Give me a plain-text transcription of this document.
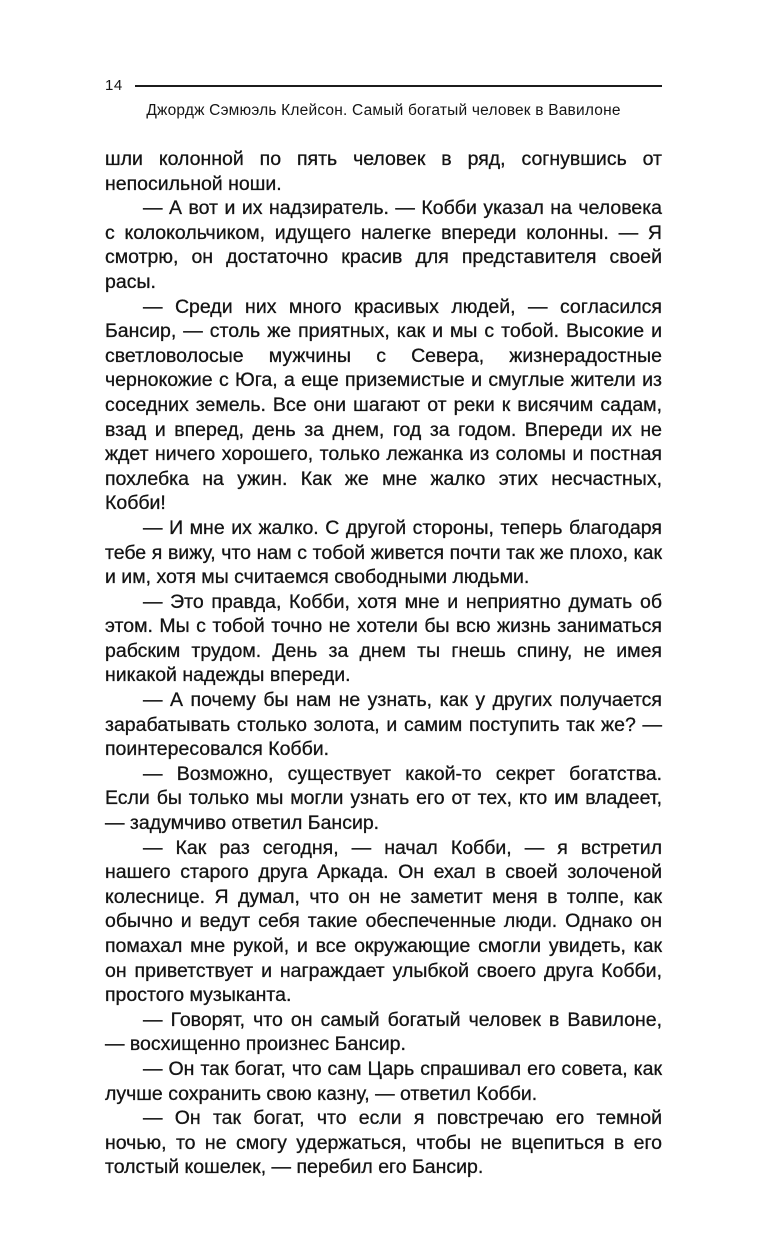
14
Джордж Сэмюэль Клейсон. Самый богатый человек в Вавилоне

шли колонной по пять человек в ряд, согнувшись от непосильной ноши.

— А вот и их надзиратель. — Кобби указал на человека с колокольчиком, идущего налегке впереди колонны. — Я смотрю, он достаточно красив для представителя своей расы.

— Среди них много красивых людей, — согласился Бансир, — столь же приятных, как и мы с тобой. Высокие и светловолосые мужчины с Севера, жизнерадостные чернокожие с Юга, а еще приземистые и смуглые жители из соседних земель. Все они шагают от реки к висячим садам, взад и вперед, день за днем, год за годом. Впереди их не ждет ничего хорошего, только лежанка из соломы и постная похлебка на ужин. Как же мне жалко этих несчастных, Кобби!

— И мне их жалко. С другой стороны, теперь благодаря тебе я вижу, что нам с тобой живется почти так же плохо, как и им, хотя мы считаемся свободными людьми.

— Это правда, Кобби, хотя мне и неприятно думать об этом. Мы с тобой точно не хотели бы всю жизнь заниматься рабским трудом. День за днем ты гнешь спину, не имея никакой надежды впереди.

— А почему бы нам не узнать, как у других получается зарабатывать столько золота, и самим поступить так же? — поинтересовался Кобби.

— Возможно, существует какой-то секрет богатства. Если бы только мы могли узнать его от тех, кто им владеет, — задумчиво ответил Бансир.

— Как раз сегодня, — начал Кобби, — я встретил нашего старого друга Аркада. Он ехал в своей золоченой колеснице. Я думал, что он не заметит меня в толпе, как обычно и ведут себя такие обеспеченные люди. Однако он помахал мне рукой, и все окружающие смогли увидеть, как он приветствует и награждает улыбкой своего друга Кобби, простого музыканта.

— Говорят, что он самый богатый человек в Вавилоне, — восхищенно произнес Бансир.

— Он так богат, что сам Царь спрашивал его совета, как лучше сохранить свою казну, — ответил Кобби.

— Он так богат, что если я повстречаю его темной ночью, то не смогу удержаться, чтобы не вцепиться в его толстый кошелек, — перебил его Бансир.
